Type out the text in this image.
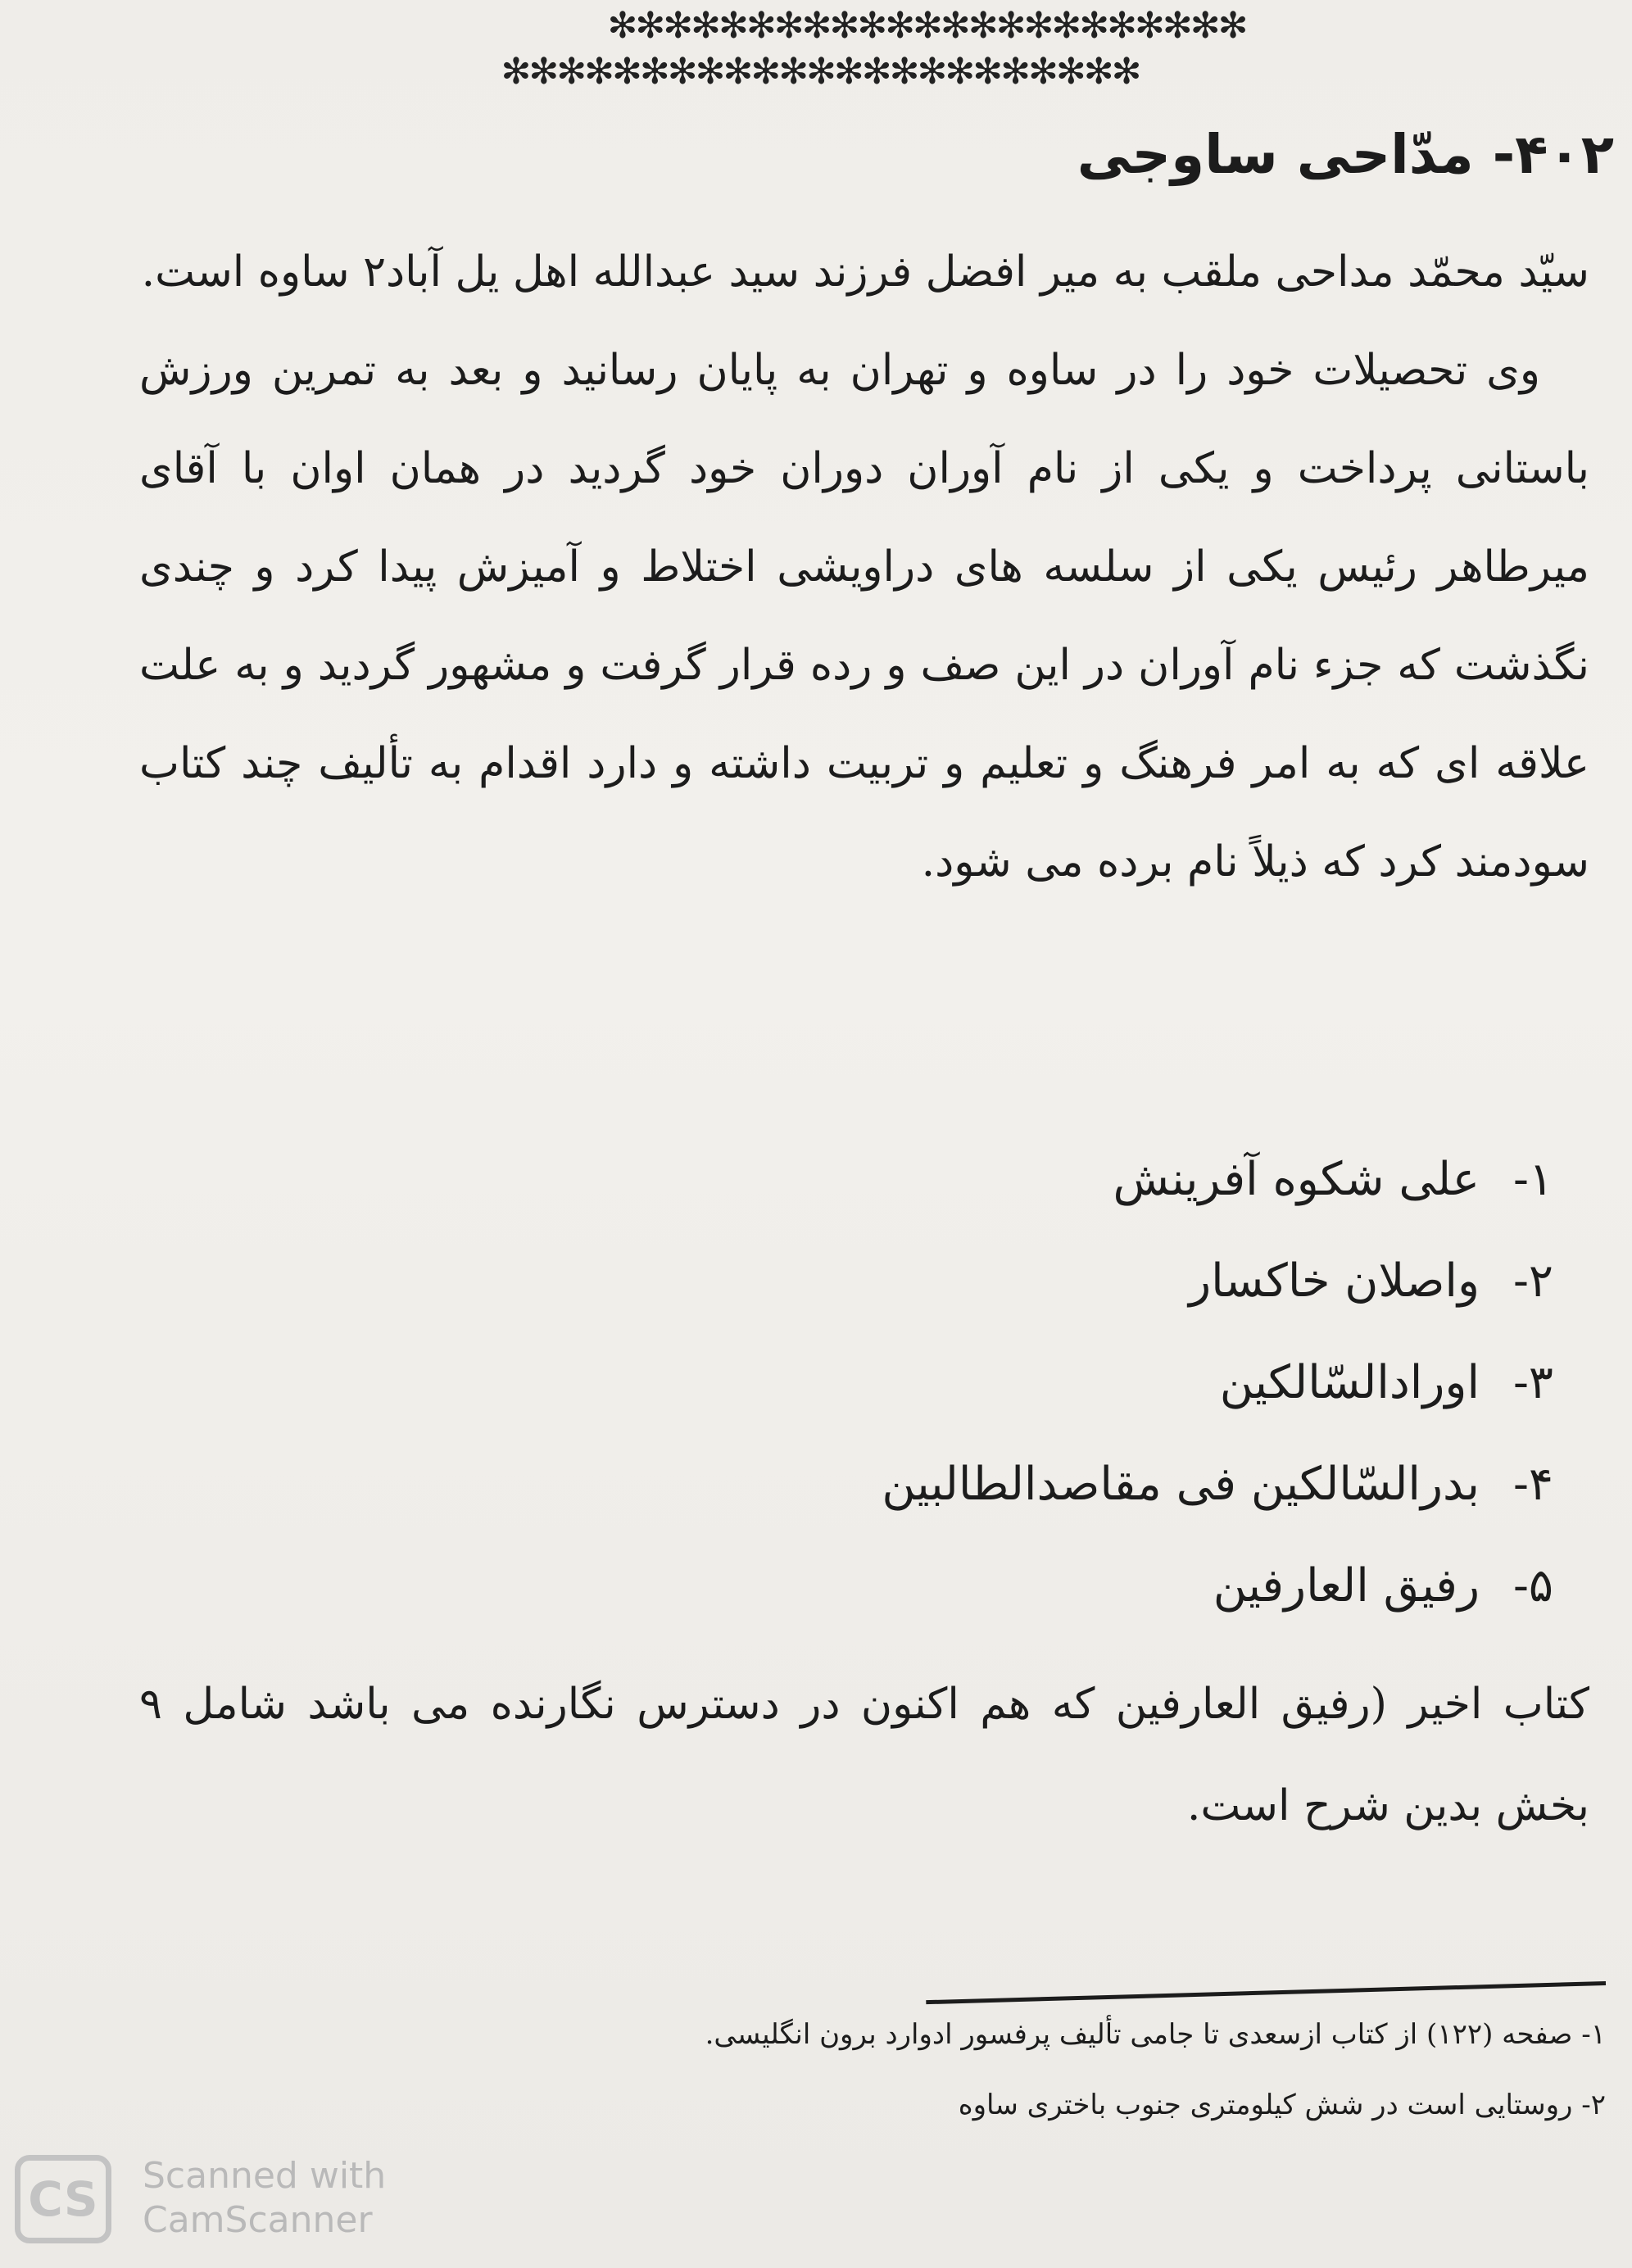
✻✻✻✻✻✻✻✻✻✻✻✻✻✻✻✻✻✻✻✻✻✻✻
✻✻✻✻✻✻✻✻✻✻✻✻✻✻✻✻✻✻✻✻✻✻✻
۴۰۲- مدّاحی ساوجی

سیّد محمّد مداحی ملقب به میر افضل فرزند سید عبدالله اهل یل آباد۲ ساوه است.

وی تحصیلات خود را در ساوه و تهران به پایان رسانید و بعد به تمرین ورزش باستانی پرداخت و یکی از نام آوران دوران خود گردید در همان اوان با آقای میرطاهر رئیس یکی از سلسه های دراویشی اختلاط و آمیزش پیدا کرد و چندی نگذشت که جزء نام آوران در این صف و رده قرار گرفت و مشهور گردید و به علت علاقه ای که به امر فرهنگ و تعلیم و تربیت داشته و دارد اقدام به تألیف چند کتاب سودمند کرد که ذیلاً نام برده می شود.

۱-علی شکوه آفرینش
۲-واصلان خاکسار
۳-اورادالسّالکین
۴-بدرالسّالکین فی مقاصدالطالبین
۵-رفیق العارفین

کتاب اخیر (رفیق العارفین که هم اکنون در دسترس نگارنده می باشد شامل ۹ بخش بدین شرح است.

۱- صفحه (۱۲۲) از کتاب ازسعدی تا جامی تألیف پرفسور ادوارد برون انگلیسی.

۲- روستایی است در شش کیلومتری جنوب باختری ساوه

CS	Scanned with
CamScanner
